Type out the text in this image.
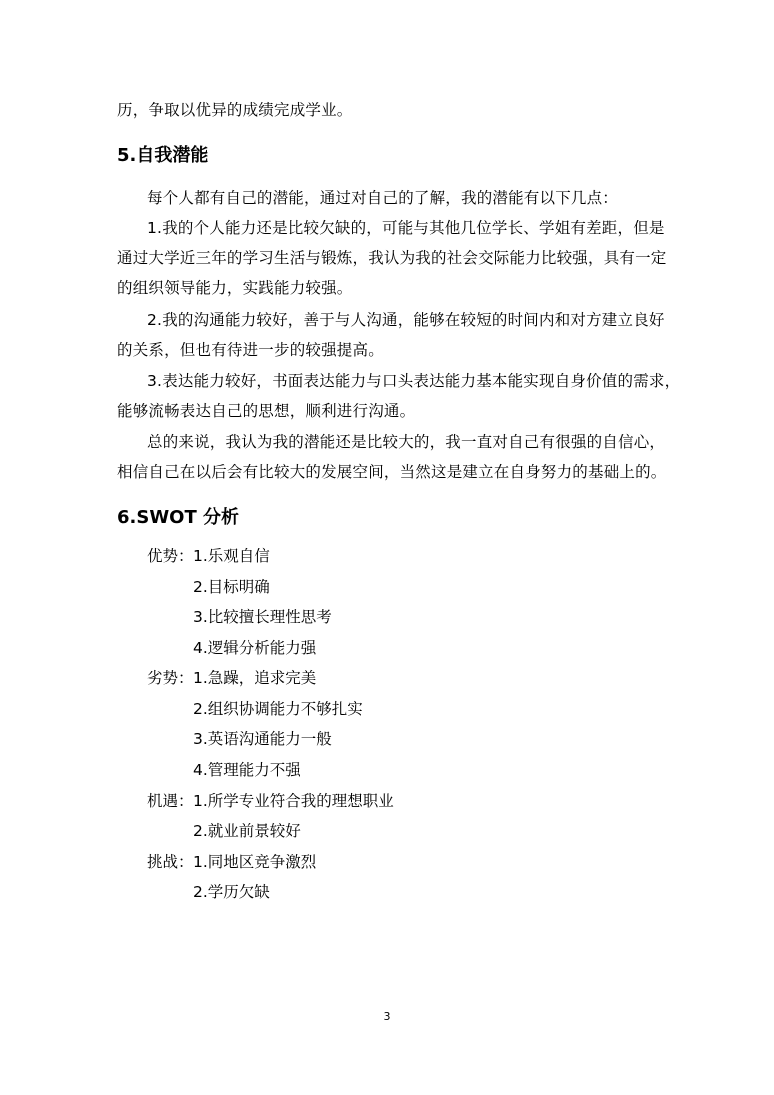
历，争取以优异的成绩完成学业。
5.自我潜能
每个人都有自己的潜能，通过对自己的了解，我的潜能有以下几点：
1.我的个人能力还是比较欠缺的，可能与其他几位学长、学姐有差距，但是
通过大学近三年的学习生活与锻炼，我认为我的社会交际能力比较强，具有一定
的组织领导能力，实践能力较强。
2.我的沟通能力较好，善于与人沟通，能够在较短的时间内和对方建立良好
的关系，但也有待进一步的较强提高。
3.表达能力较好，书面表达能力与口头表达能力基本能实现自身价值的需求，
能够流畅表达自己的思想，顺利进行沟通。
总的来说，我认为我的潜能还是比较大的，我一直对自己有很强的自信心，
相信自己在以后会有比较大的发展空间，当然这是建立在自身努力的基础上的。
6.SWOT 分析
优势： 1.乐观自信
2.目标明确
3.比较擅长理性思考
4.逻辑分析能力强
劣势： 1.急躁，追求完美
2.组织协调能力不够扎实
3.英语沟通能力一般
4.管理能力不强
机遇： 1.所学专业符合我的理想职业
2.就业前景较好
挑战： 1.同地区竞争激烈
2.学历欠缺
3
